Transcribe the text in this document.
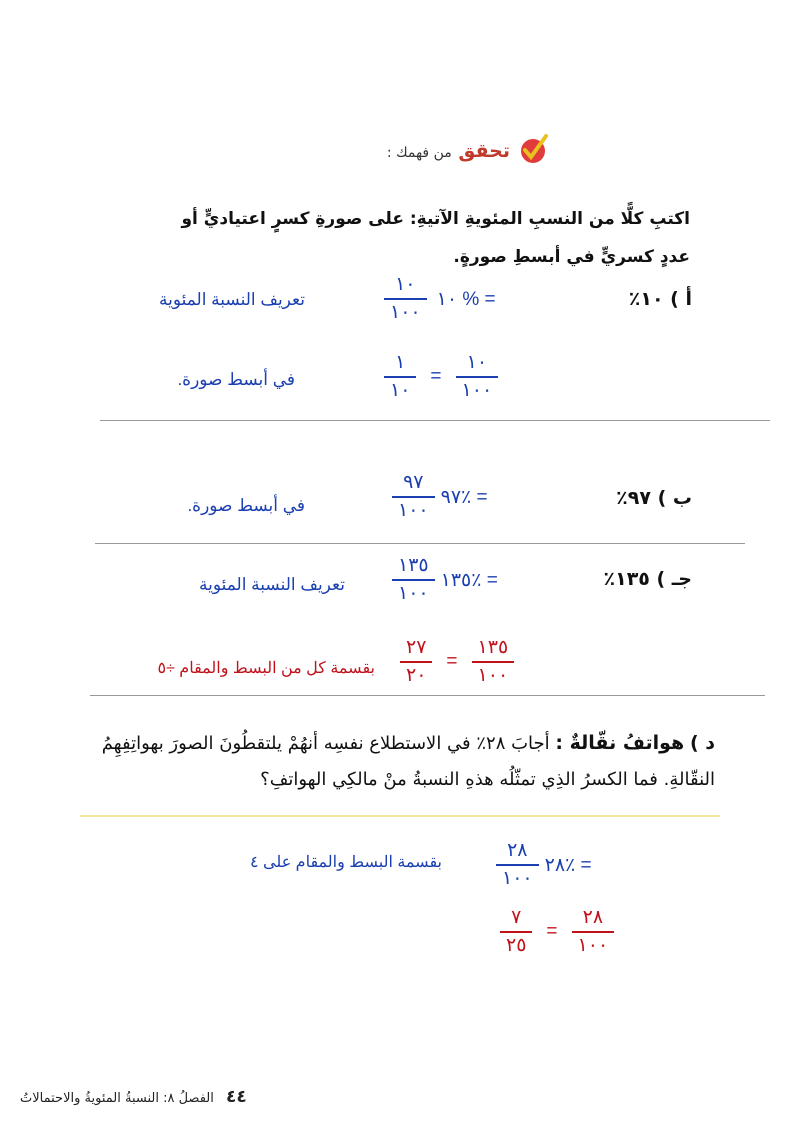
تحقق من فهمك :
اكتبِ كلًّا من النسبِ المئويةِ الآتيةِ: على صورةِ كسرٍ اعتياديٍّ أو عددٍ كسريٍّ في أبسطِ صورةٍ.
أ ) ١٠٪
$\frac{١٠}{١٠٠}$ ١٠ % =
تعريف النسبة المئوية
$\frac{١}{١٠} = \frac{١٠}{١٠٠}$
في أبسط صورة.
ب ) ٩٧٪
$\frac{٩٧}{١٠٠}$ ٩٧٪ =
في أبسط صورة.
جـ ) ١٣٥٪
$\frac{١٣٥}{١٠٠}$ ١٣٥٪ =
تعريف النسبة المئوية
$\frac{٢٧}{٢٠} = \frac{١٣٥}{١٠٠}$
بقسمة كل من البسط والمقام ÷٥
د ) هواتفُ نقّالةٌ : أجابَ ٢٨٪ في الاستطلاع نفسِه أنهُمْ يلتقطُونَ الصورَ بهواتِفِهِمُ النقّالةِ. فما الكسرُ الذِي تمثّلُه هذهِ النسبةُ منْ مالكِي الهواتفِ؟
$\frac{٢٨}{١٠٠}$ ٢٨٪ =
بقسمة البسط والمقام على ٤
$\frac{٧}{٢٥} = \frac{٢٨}{١٠٠}$
٤٤ الفصلُ ٨: النسبةُ المئويةُ والاحتمالاتُ
